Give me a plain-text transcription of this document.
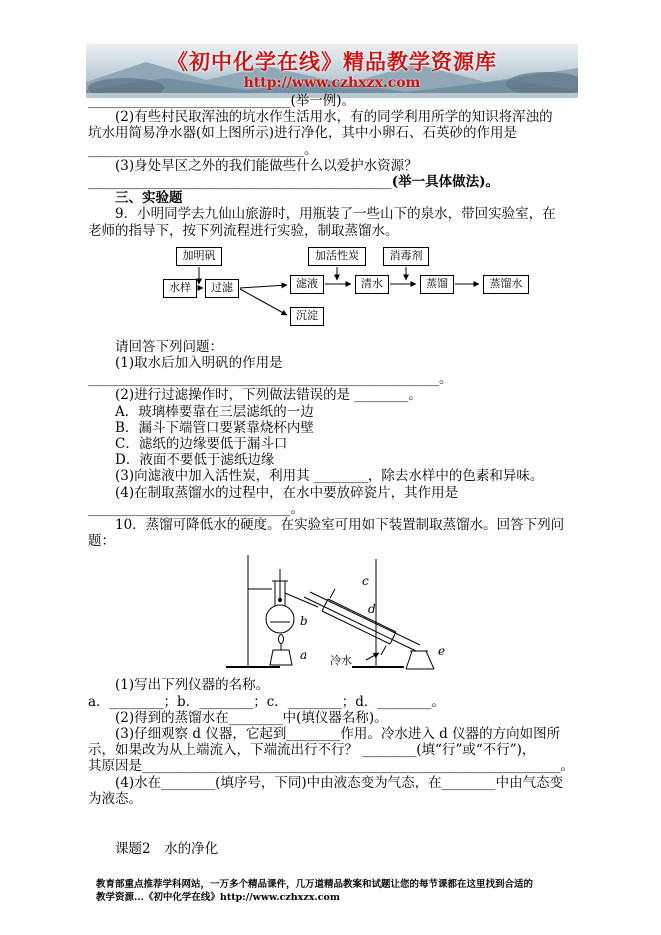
《初中化学在线》精品教学资源库
http://www.czhxzx.com
______________________________(举一例)。
(2)有些村民取浑浊的坑水作生活用水，有的同学利用所学的知识将浑浊的
坑水用简易净水器(如上图所示)进行净化，其中小卵石、石英砂的作用是
________________________________。
(3)身处旱区之外的我们能做些什么以爱护水资源？
_____________________________________________(举一具体做法)。
三、实验题
9．小明同学去九仙山旅游时，用瓶装了一些山下的泉水，带回实验室，在
老师的指导下，按下列流程进行实验，制取蒸馏水。
加明矾	加活性炭	消毒剂
水样	过滤	滤液	清水	蒸馏	蒸馏水
沉淀
请回答下列问题：
(1)取水后加入明矾的作用是
____________________________________________________。
(2)进行过滤操作时，下列做法错误的是 ________。
A．玻璃棒要靠在三层滤纸的一边
B．漏斗下端管口要紧靠烧杯内壁
C．滤纸的边缘要低于漏斗口
D．液面不要低于滤纸边缘
(3)向滤液中加入活性炭，利用其 ________，除去水样中的色素和异味。
(4)在制取蒸馏水的过程中，在水中要放碎瓷片，其作用是
______________________________。
10．蒸馏可降低水的硬度。在实验室可用如下装置制取蒸馏水。回答下列问
题：
a
b
c
d
e
冷水
(1)写出下列仪器的名称。
a．________；b．________；c．________；d．________。
(2)得到的蒸馏水在________中(填仪器名称)。
(3)仔细观察 d 仪器，它起到________作用。冷水进入 d 仪器的方向如图所
示，如果改为从上端流入，下端流出行不行？ ________(填“行”或“不行”)，
其原因是______________________________________________________________。
(4)水在________(填序号，下同)中由液态变为气态，在________中由气态变
为液态。
课题2　水的净化
教育部重点推荐学科网站，一万多个精品课件，几万道精品教案和试题让您的每节课都在这里找到合适的
教学资源...《初中化学在线》http://www.czhxzx.com
